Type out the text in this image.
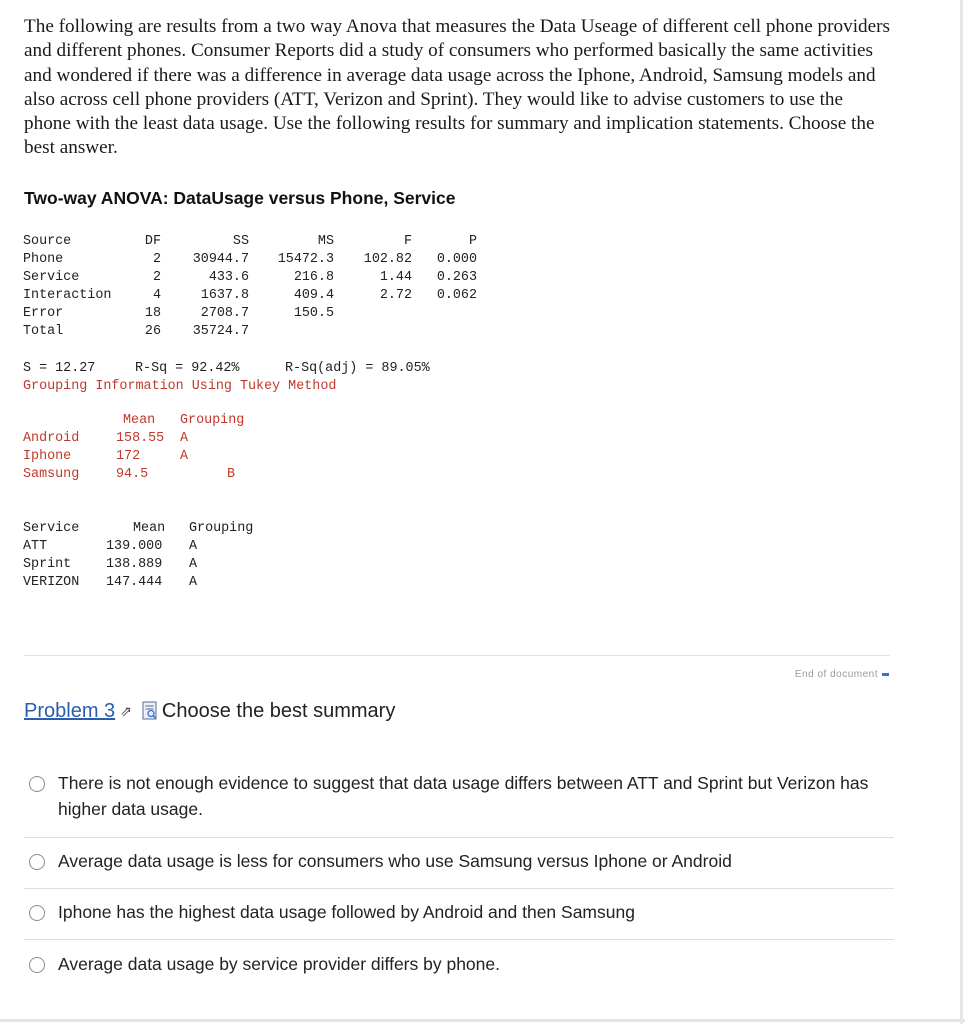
The following are results from a two way Anova that measures the Data Useage of different cell phone providers and different phones. Consumer Reports did a study of consumers who performed basically the same activities and wondered if there was a difference in average data usage across the Iphone, Android, Samsung models and also across cell phone providers (ATT, Verizon and Sprint). They would like to advise customers to use the phone with the least data usage. Use the following results for summary and implication statements. Choose the best answer.

Two-way ANOVA: DataUsage versus Phone, Service
Source	DF	SS	MS	F	P
Phone	2	30944.7	15472.3	102.82	0.000
Service	2	433.6	216.8	1.44	0.263
Interaction	4	1637.8	409.4	2.72	0.062
Error	18	2708.7	150.5		
Total	26	35724.7			
S = 12.27	R-Sq = 92.42%	R-Sq(adj) = 89.05%
Grouping Information Using Tukey Method
Mean Grouping
Android	158.55 A
Iphone	172	A
Samsung	94.5	B
Service	Mean Grouping
ATT	139.000 A
Sprint	138.889 A
VERIZON 147.444 A
End of document
Problem 3 ⇗ Choose the best summary
There is not enough evidence to suggest that data usage differs between ATT and Sprint but Verizon has higher data usage.
Average data usage is less for consumers who use Samsung versus Iphone or Android
Iphone has the highest data usage followed by Android and then Samsung
Average data usage by service provider differs by phone.
